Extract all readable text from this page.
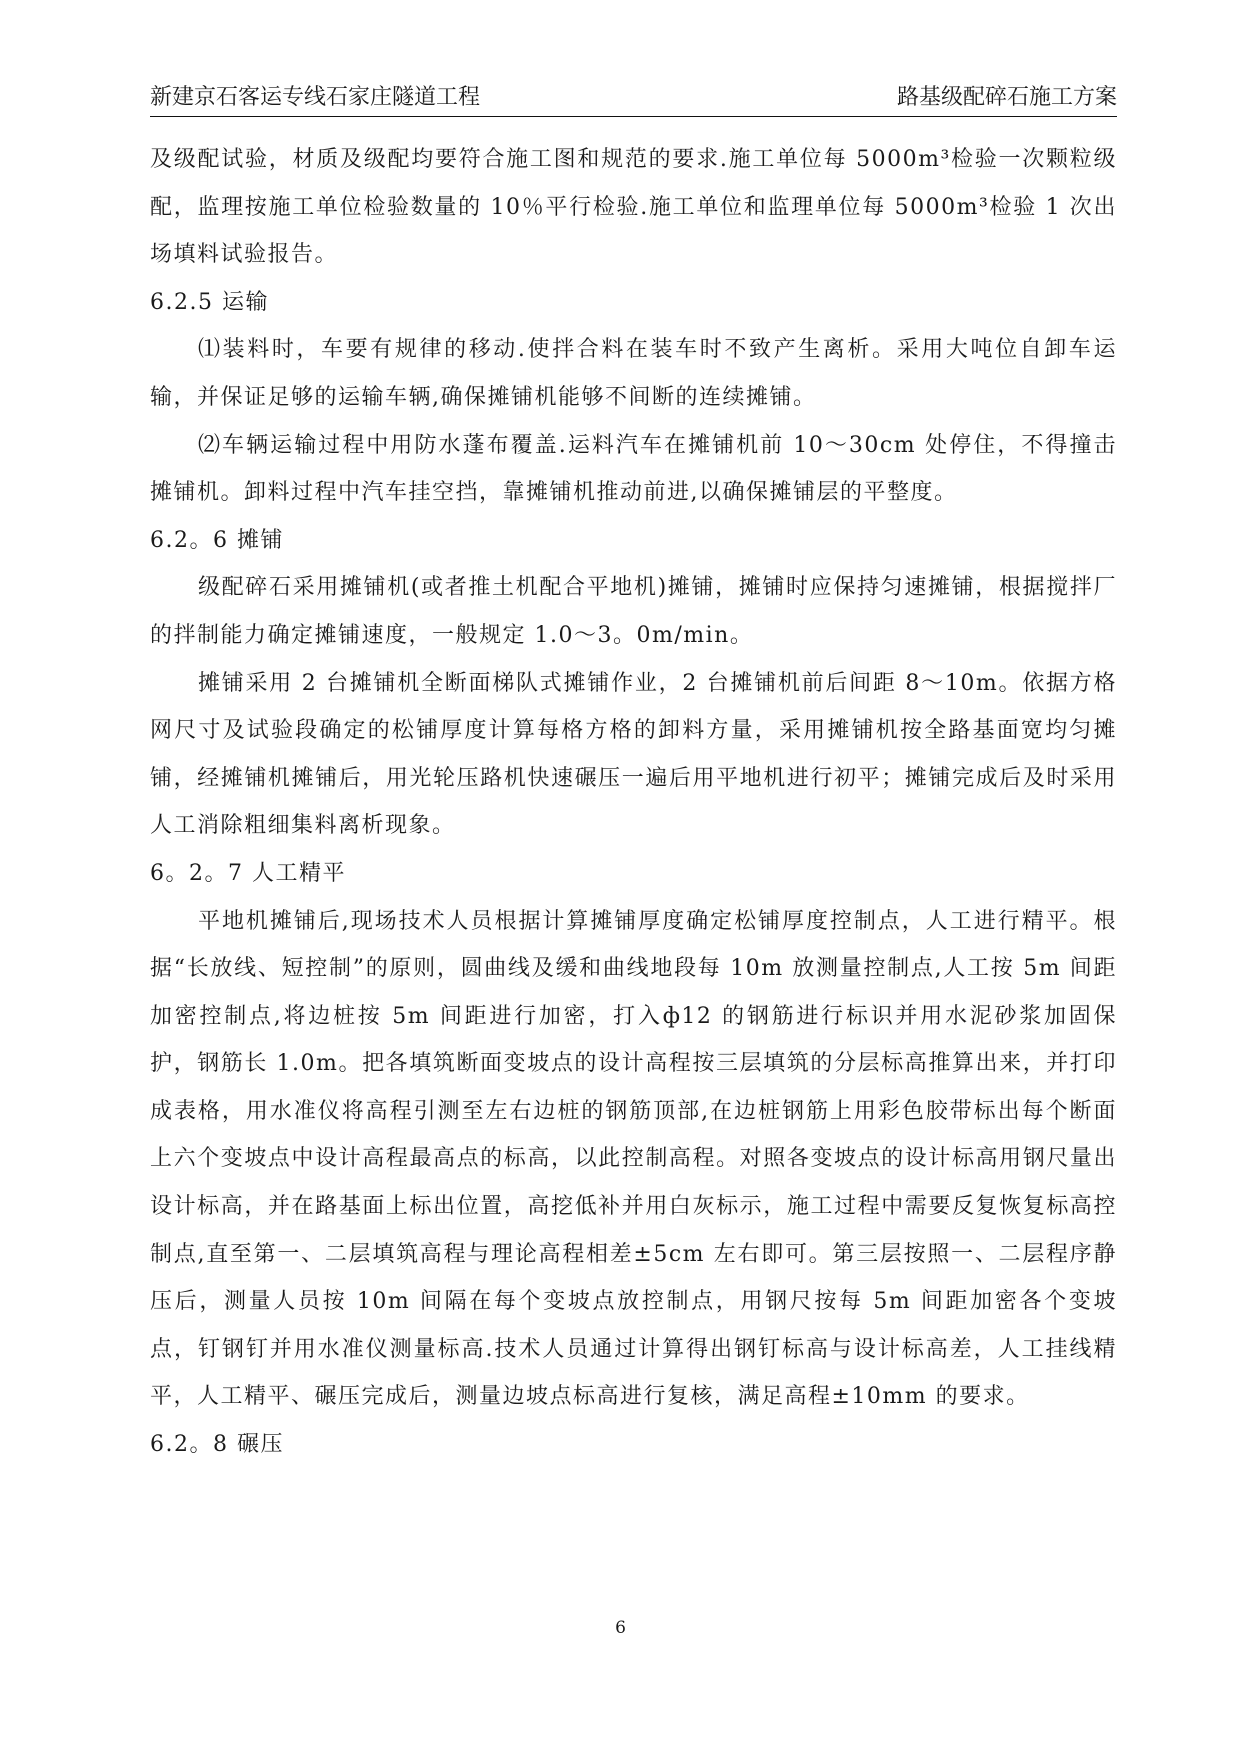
新建京石客运专线石家庄隧道工程	路基级配碎石施工方案

及级配试验，材质及级配均要符合施工图和规范的要求.施工单位每 5000m³检验一次颗粒级配，监理按施工单位检验数量的 10％平行检验.施工单位和监理单位每 5000m³检验 1 次出场填料试验报告。

6.2.5 运输

⑴装料时，车要有规律的移动.使拌合料在装车时不致产生离析。采用大吨位自卸车运输，并保证足够的运输车辆,确保摊铺机能够不间断的连续摊铺。

⑵车辆运输过程中用防水蓬布覆盖.运料汽车在摊铺机前 10～30cm 处停住，不得撞击摊铺机。卸料过程中汽车挂空挡，靠摊铺机推动前进,以确保摊铺层的平整度。

6.2。6 摊铺

级配碎石采用摊铺机(或者推土机配合平地机)摊铺，摊铺时应保持匀速摊铺，根据搅拌厂的拌制能力确定摊铺速度，一般规定 1.0～3。0m/min。

摊铺采用 2 台摊铺机全断面梯队式摊铺作业，2 台摊铺机前后间距 8～10m。依据方格网尺寸及试验段确定的松铺厚度计算每格方格的卸料方量，采用摊铺机按全路基面宽均匀摊铺，经摊铺机摊铺后，用光轮压路机快速碾压一遍后用平地机进行初平；摊铺完成后及时采用人工消除粗细集料离析现象。

6。2。7 人工精平

平地机摊铺后,现场技术人员根据计算摊铺厚度确定松铺厚度控制点，人工进行精平。根据“长放线、短控制”的原则，圆曲线及缓和曲线地段每 10m 放测量控制点,人工按 5m 间距加密控制点,将边桩按 5m 间距进行加密，打入ф12 的钢筋进行标识并用水泥砂浆加固保护，钢筋长 1.0m。把各填筑断面变坡点的设计高程按三层填筑的分层标高推算出来，并打印成表格，用水准仪将高程引测至左右边桩的钢筋顶部,在边桩钢筋上用彩色胶带标出每个断面上六个变坡点中设计高程最高点的标高，以此控制高程。对照各变坡点的设计标高用钢尺量出设计标高，并在路基面上标出位置，高挖低补并用白灰标示，施工过程中需要反复恢复标高控制点,直至第一、二层填筑高程与理论高程相差±5cm 左右即可。第三层按照一、二层程序静压后，测量人员按 10m 间隔在每个变坡点放控制点，用钢尺按每 5m 间距加密各个变坡点，钉钢钉并用水准仪测量标高.技术人员通过计算得出钢钉标高与设计标高差，人工挂线精平，人工精平、碾压完成后，测量边坡点标高进行复核，满足高程±10mm 的要求。

6.2。8 碾压

6
